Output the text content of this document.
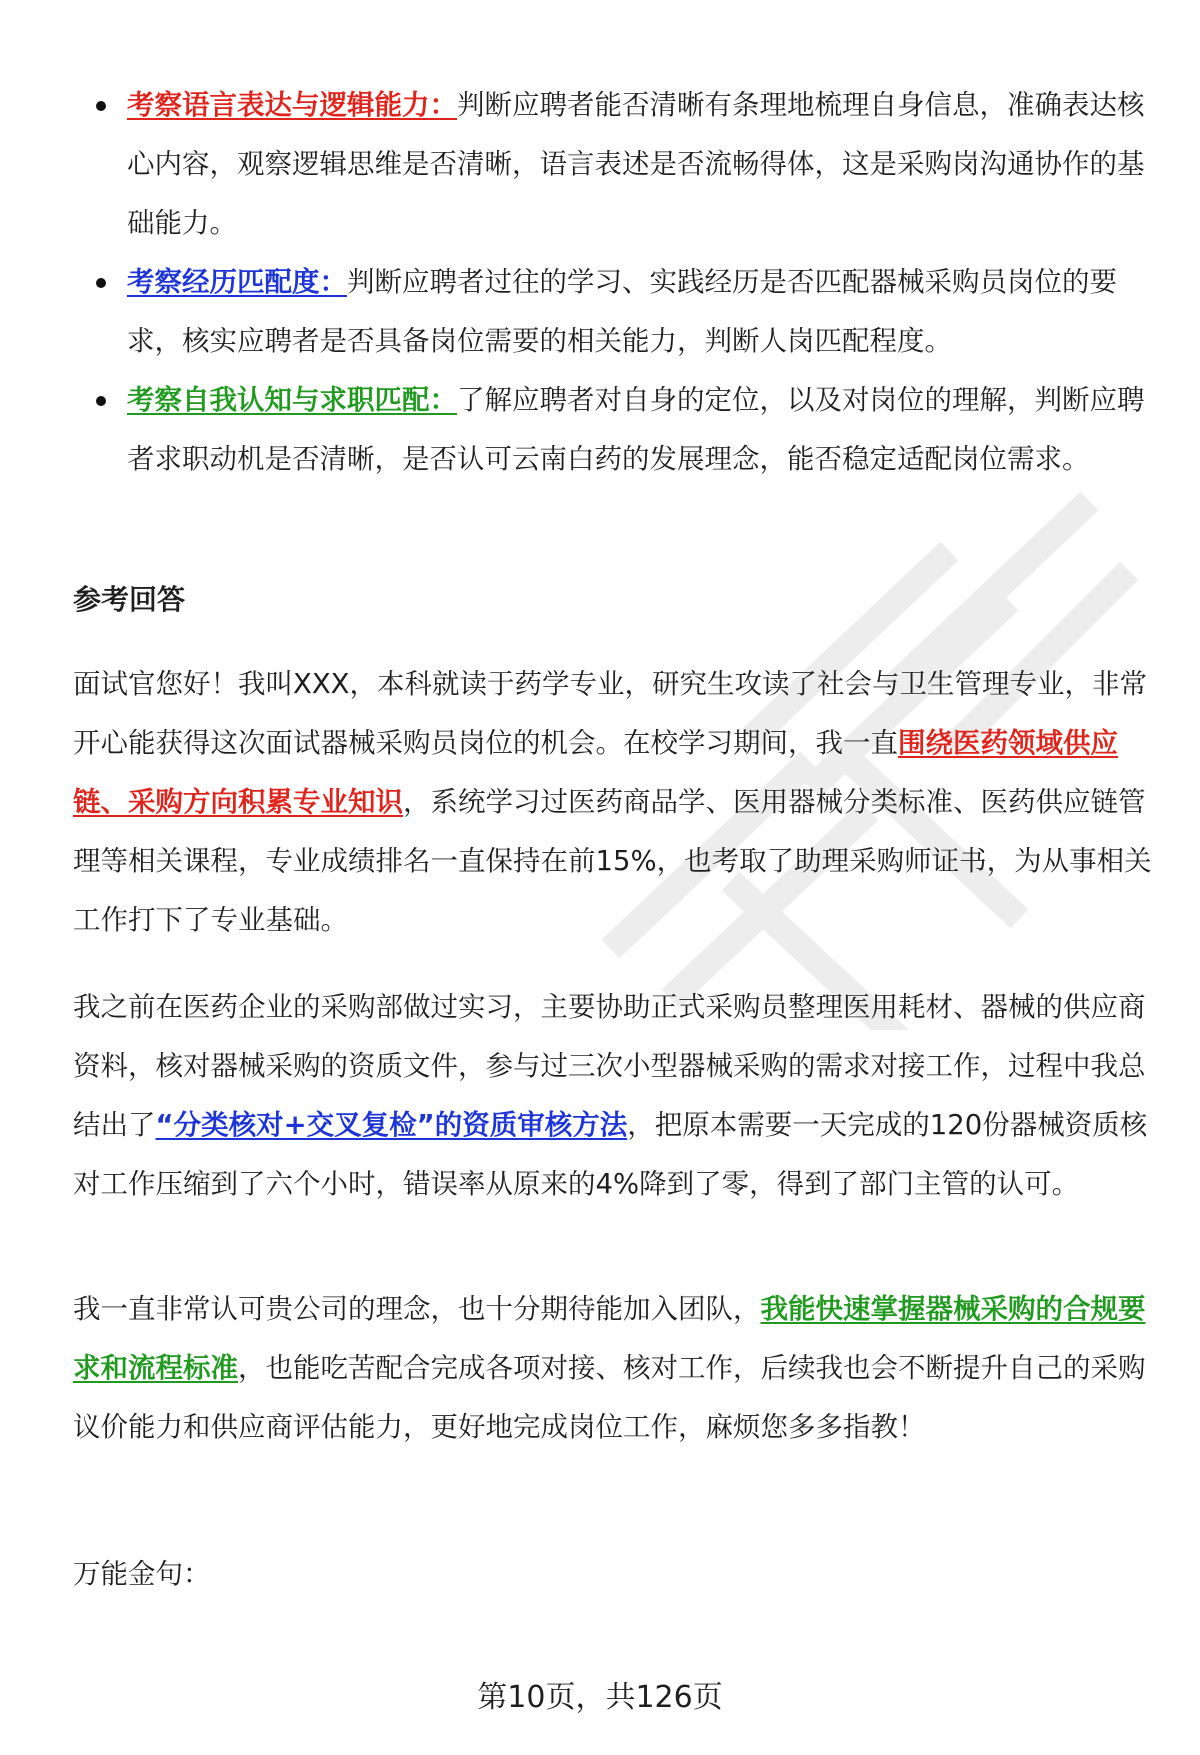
考察语言表达与逻辑能力：判断应聘者能否清晰有条理地梳理自身信息，准确表达核心内容，观察逻辑思维是否清晰，语言表述是否流畅得体，这是采购岗沟通协作的基础能力。
考察经历匹配度：判断应聘者过往的学习、实践经历是否匹配器械采购员岗位的要求，核实应聘者是否具备岗位需要的相关能力，判断人岗匹配程度。
考察自我认知与求职匹配：了解应聘者对自身的定位，以及对岗位的理解，判断应聘者求职动机是否清晰，是否认可云南白药的发展理念，能否稳定适配岗位需求。
参考回答
面试官您好！我叫XXX，本科就读于药学专业，研究生攻读了社会与卫生管理专业，非常开心能获得这次面试器械采购员岗位的机会。在校学习期间，我一直围绕医药领域供应链、采购方向积累专业知识，系统学习过医药商品学、医用器械分类标准、医药供应链管理等相关课程，专业成绩排名一直保持在前15%，也考取了助理采购师证书，为从事相关工作打下了专业基础。
我之前在医药企业的采购部做过实习，主要协助正式采购员整理医用耗材、器械的供应商资料，核对器械采购的资质文件，参与过三次小型器械采购的需求对接工作，过程中我总结出了“分类核对+交叉复检”的资质审核方法，把原本需要一天完成的120份器械资质核对工作压缩到了六个小时，错误率从原来的4%降到了零，得到了部门主管的认可。
我一直非常认可贵公司的理念，也十分期待能加入团队，我能快速掌握器械采购的合规要求和流程标准，也能吃苦配合完成各项对接、核对工作，后续我也会不断提升自己的采购议价能力和供应商评估能力，更好地完成岗位工作，麻烦您多多指教！
万能金句：
第10页，共126页
